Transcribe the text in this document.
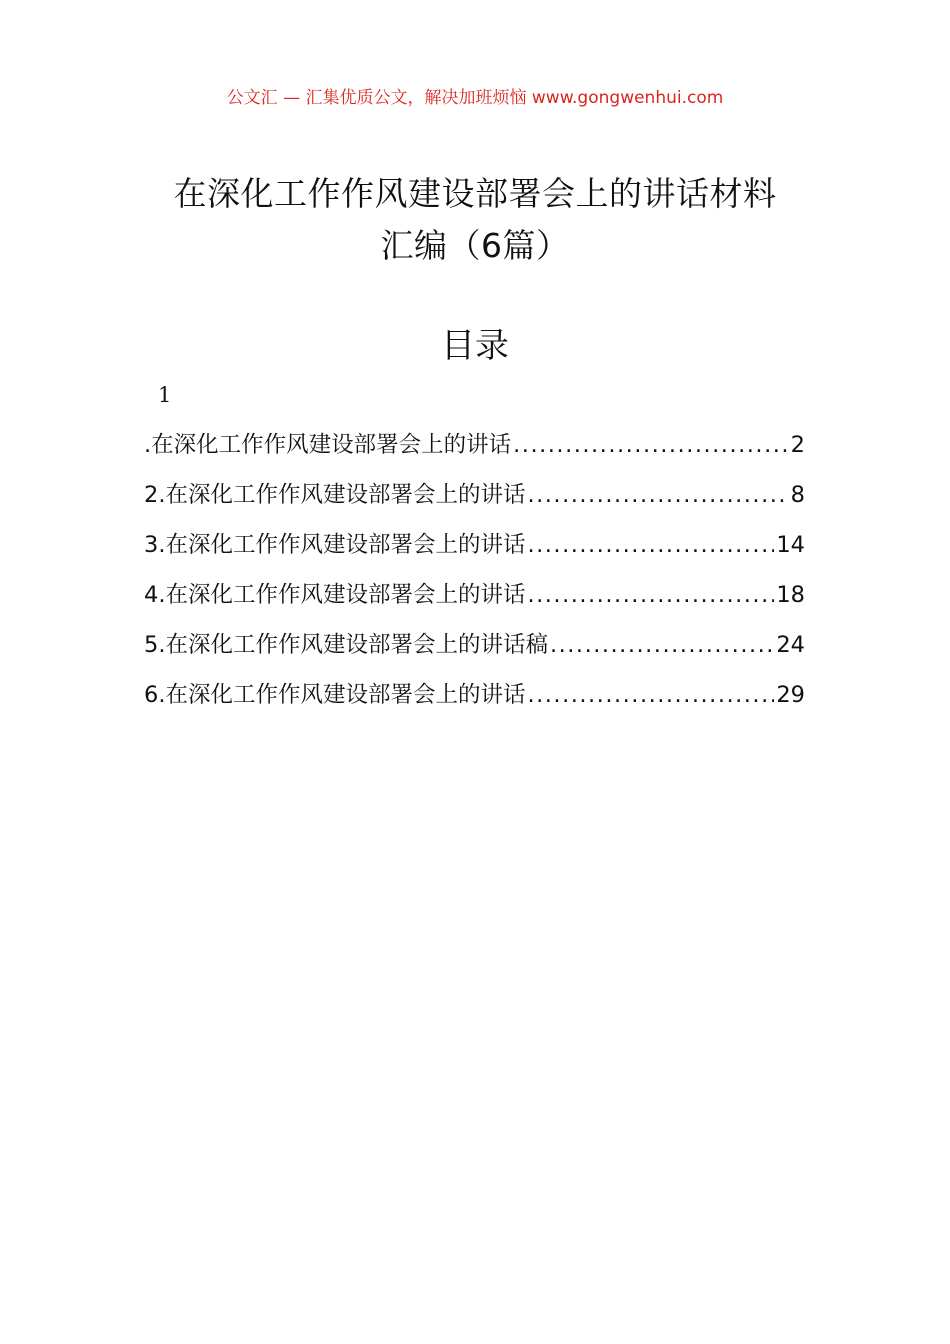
公文汇 — 汇集优质公文，解决加班烦恼 www.gongwenhui.com
在深化工作作风建设部署会上的讲话材料
汇编（6篇）
目录
1
.在深化工作作风建设部署会上的讲话 .....	2
2.在深化工作作风建设部署会上的讲话 .....	8
3.在深化工作作风建设部署会上的讲话 .....	14
4.在深化工作作风建设部署会上的讲话 .....	18
5.在深化工作作风建设部署会上的讲话稿 .....	24
6.在深化工作作风建设部署会上的讲话 .....	29
